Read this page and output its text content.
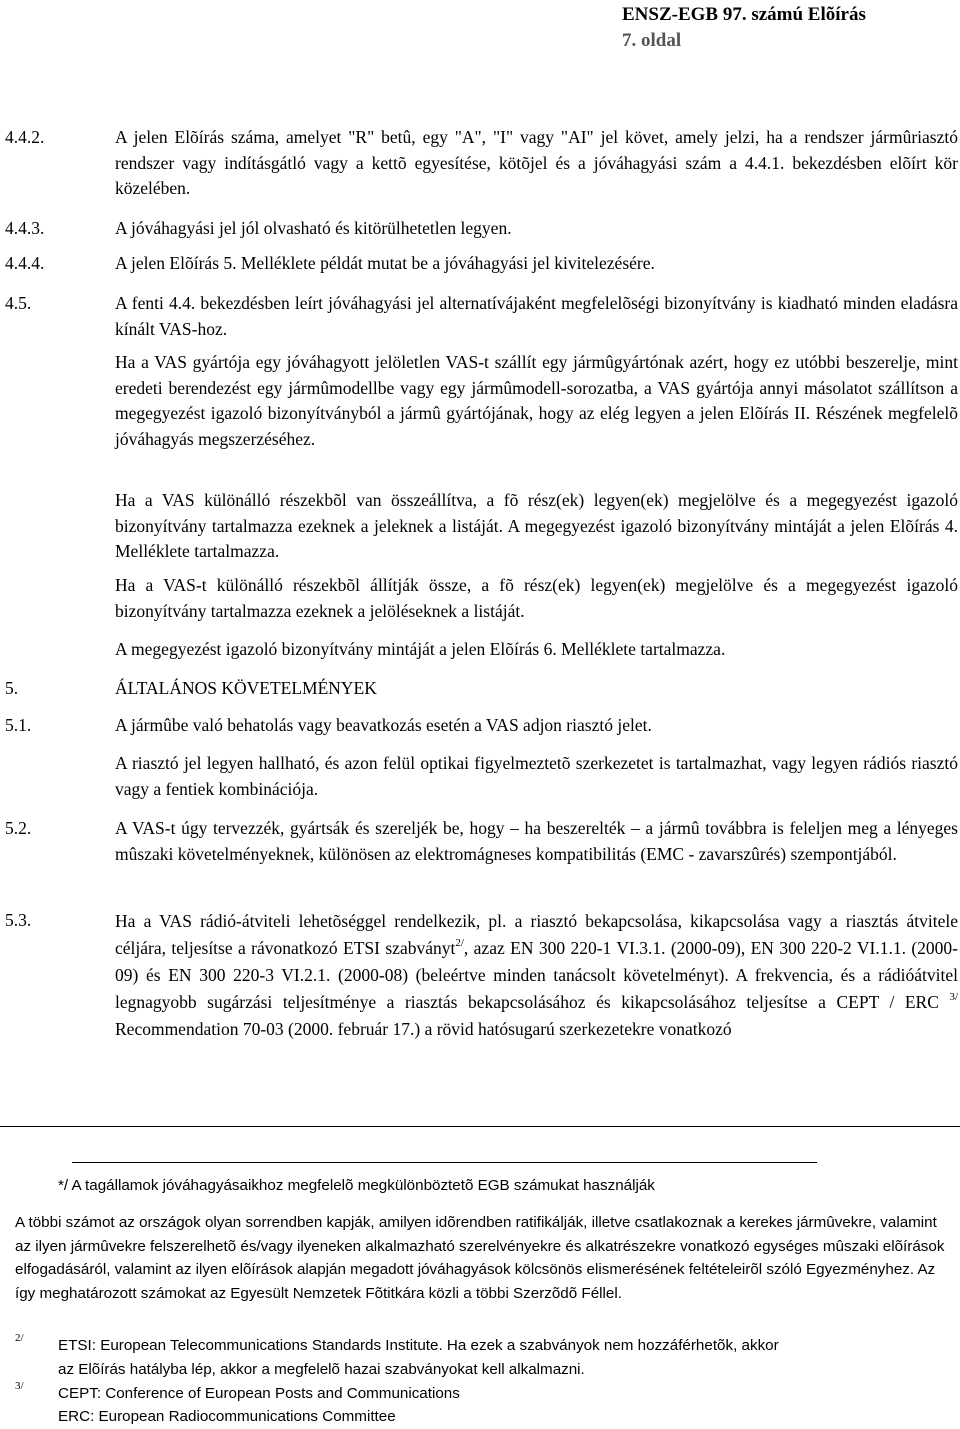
ENSZ-EGB 97. számú Elõírás
7. oldal
4.4.2.	A jelen Elõírás száma, amelyet "R" betû, egy "A", "I" vagy "AI" jel követ, amely jelzi, ha a rendszer jármûriasztó rendszer vagy indításgátló vagy a kettõ egyesítése, kötõjel és a jóváhagyási szám a 4.4.1. bekezdésben elõírt kör közelében.
4.4.3.	A jóváhagyási jel jól olvasható és kitörülhetetlen legyen.
4.4.4.	A jelen Elõírás 5. Melléklete példát mutat be a jóváhagyási jel kivitelezésére.
4.5.	A fenti 4.4. bekezdésben leírt jóváhagyási jel alternatívájaként megfelelõségi bizonyítvány is kiadható minden eladásra kínált VAS-hoz.
Ha a VAS gyártója egy jóváhagyott jelöletlen VAS-t szállít egy jármûgyártónak azért, hogy ez utóbbi beszerelje, mint eredeti berendezést egy jármûmodellbe vagy egy jármûmodell-sorozatba, a VAS gyártója annyi másolatot szállítson a megegyezést igazoló bizonyítványból a jármû gyártójának, hogy az elég legyen a jelen Elõírás II. Részének megfelelõ jóváhagyás megszerzéséhez.
Ha a VAS különálló részekbõl van összeállítva, a fõ rész(ek) legyen(ek) megjelölve és a megegyezést igazoló bizonyítvány tartalmazza ezeknek a jeleknek a listáját. A megegyezést igazoló bizonyítvány mintáját a jelen Elõírás 4. Melléklete tartalmazza.
Ha a VAS-t különálló részekbõl állítják össze, a fõ rész(ek) legyen(ek) megjelölve és a megegyezést igazoló bizonyítvány tartalmazza ezeknek a jelöléseknek a listáját.
A megegyezést igazoló bizonyítvány mintáját a jelen Elõírás 6. Melléklete tartalmazza.
5.	ÁLTALÁNOS KÖVETELMÉNYEK
5.1.	A jármûbe való behatolás vagy beavatkozás esetén a VAS adjon riasztó jelet.
A riasztó jel legyen hallható, és azon felül optikai figyelmeztetõ szerkezetet is tartalmazhat, vagy legyen rádiós riasztó vagy a fentiek kombinációja.
5.2.	A VAS-t úgy tervezzék, gyártsák és szereljék be, hogy – ha beszerelték – a jármû továbbra is feleljen meg a lényeges mûszaki követelményeknek, különösen az elektromágneses kompatibilitás (EMC - zavarszûrés) szempontjából.
5.3.	Ha a VAS rádió-átviteli lehetõséggel rendelkezik, pl. a riasztó bekapcsolása, kikapcsolása vagy a riasztás átvitele céljára, teljesítse a rávonatkozó ETSI szabványt$^{2/}$, azaz EN 300 220-1 VI.3.1. (2000-09), EN 300 220-2 VI.1.1. (2000-09) és EN 300 220-3 VI.2.1. (2000-08) (beleértve minden tanácsolt követelményt). A frekvencia, és a rádióátvitel legnagyobb sugárzási teljesítménye a riasztás bekapcsolásához és kikapcsolásához teljesítse a CEPT / ERC $^{3/}$ Recommendation 70-03 (2000. február 17.) a rövid hatósugarú szerkezetekre vonatkozó
*/ A tagállamok jóváhagyásaikhoz megfelelõ megkülönböztetõ EGB számukat használják
A többi számot az országok olyan sorrendben kapják, amilyen idõrendben ratifikálják, illetve csatlakoznak a kerekes jármûvekre, valamint az ilyen jármûvekre felszerelhetõ és/vagy ilyeneken alkalmazható szerelvényekre és alkatrészekre vonatkozó egységes mûszaki elõírások elfogadásáról, valamint az ilyen elõírások alapján megadott jóváhagyások kölcsönös elismerésének feltételeirõl szóló Egyezményhez. Az így meghatározott számokat az Egyesült Nemzetek Fõtitkára közli a többi Szerzõdõ Féllel.
2/ ETSI: European Telecommunications Standards Institute. Ha ezek a szabványok nem hozzáférhetõk, akkor
az Elõírás hatályba lép, akkor a megfelelõ hazai szabványokat kell alkalmazni.
3/ CEPT: Conference of European Posts and Communications
ERC: European Radiocommunications Committee
